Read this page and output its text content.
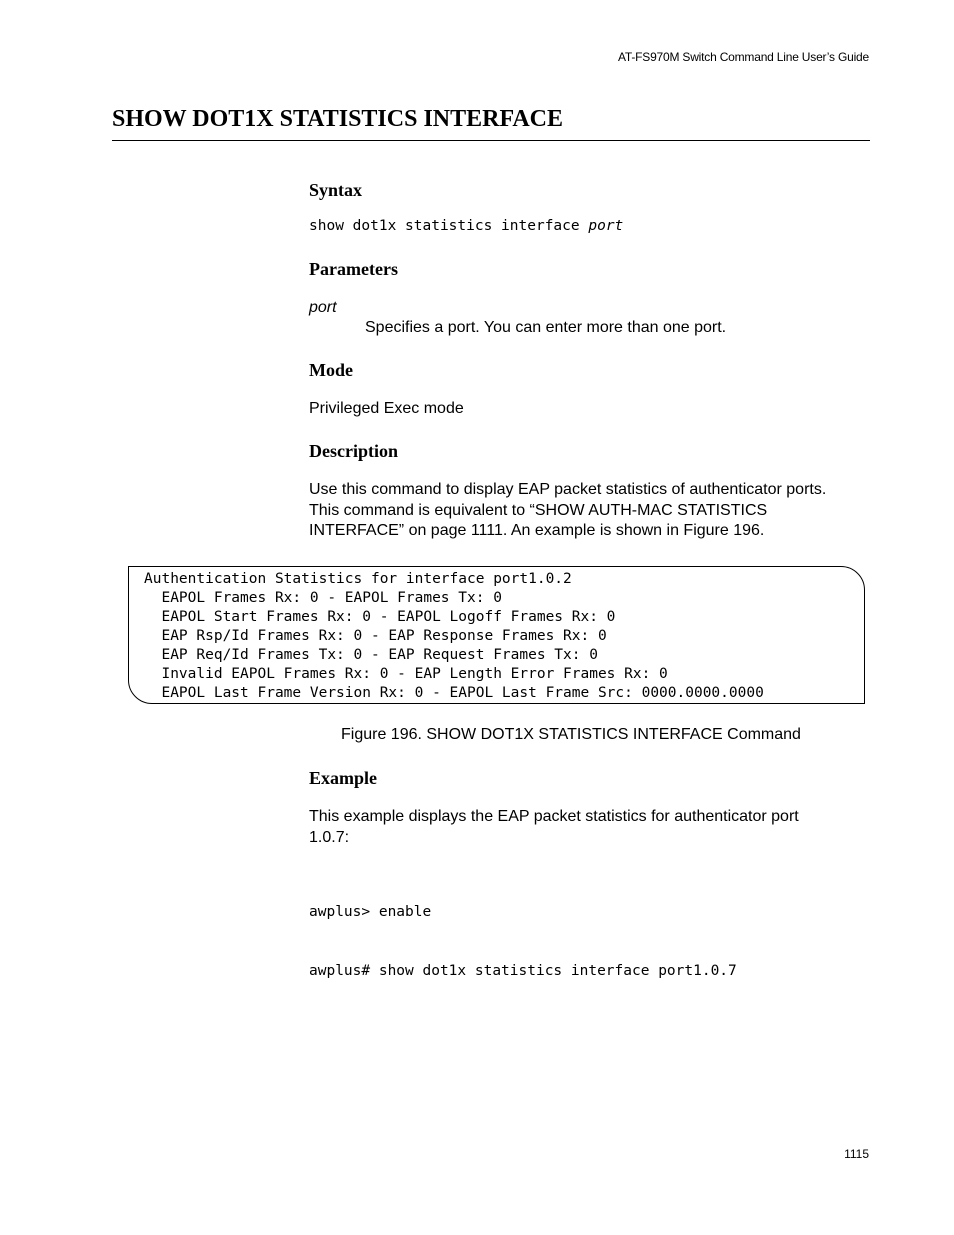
AT-FS970M Switch Command Line User’s Guide
SHOW DOT1X STATISTICS INTERFACE
Syntax
show dot1x statistics interface port
Parameters
port
Specifies a port. You can enter more than one port.
Mode
Privileged Exec mode
Description
Use this command to display EAP packet statistics of authenticator ports.
This command is equivalent to “SHOW AUTH-MAC STATISTICS
INTERFACE” on page 1111. An example is shown in Figure 196.
Authentication Statistics for interface port1.0.2
EAPOL Frames Rx: 0 - EAPOL Frames Tx: 0
EAPOL Start Frames Rx: 0 - EAPOL Logoff Frames Rx: 0
EAP Rsp/Id Frames Rx: 0 - EAP Response Frames Rx: 0
EAP Req/Id Frames Tx: 0 - EAP Request Frames Tx: 0
Invalid EAPOL Frames Rx: 0 - EAP Length Error Frames Rx: 0
EAPOL Last Frame Version Rx: 0 - EAPOL Last Frame Src: 0000.0000.0000
Figure 196. SHOW DOT1X STATISTICS INTERFACE Command
Example
This example displays the EAP packet statistics for authenticator port
1.0.7:

awplus> enable

awplus# show dot1x statistics interface port1.0.7

1115
